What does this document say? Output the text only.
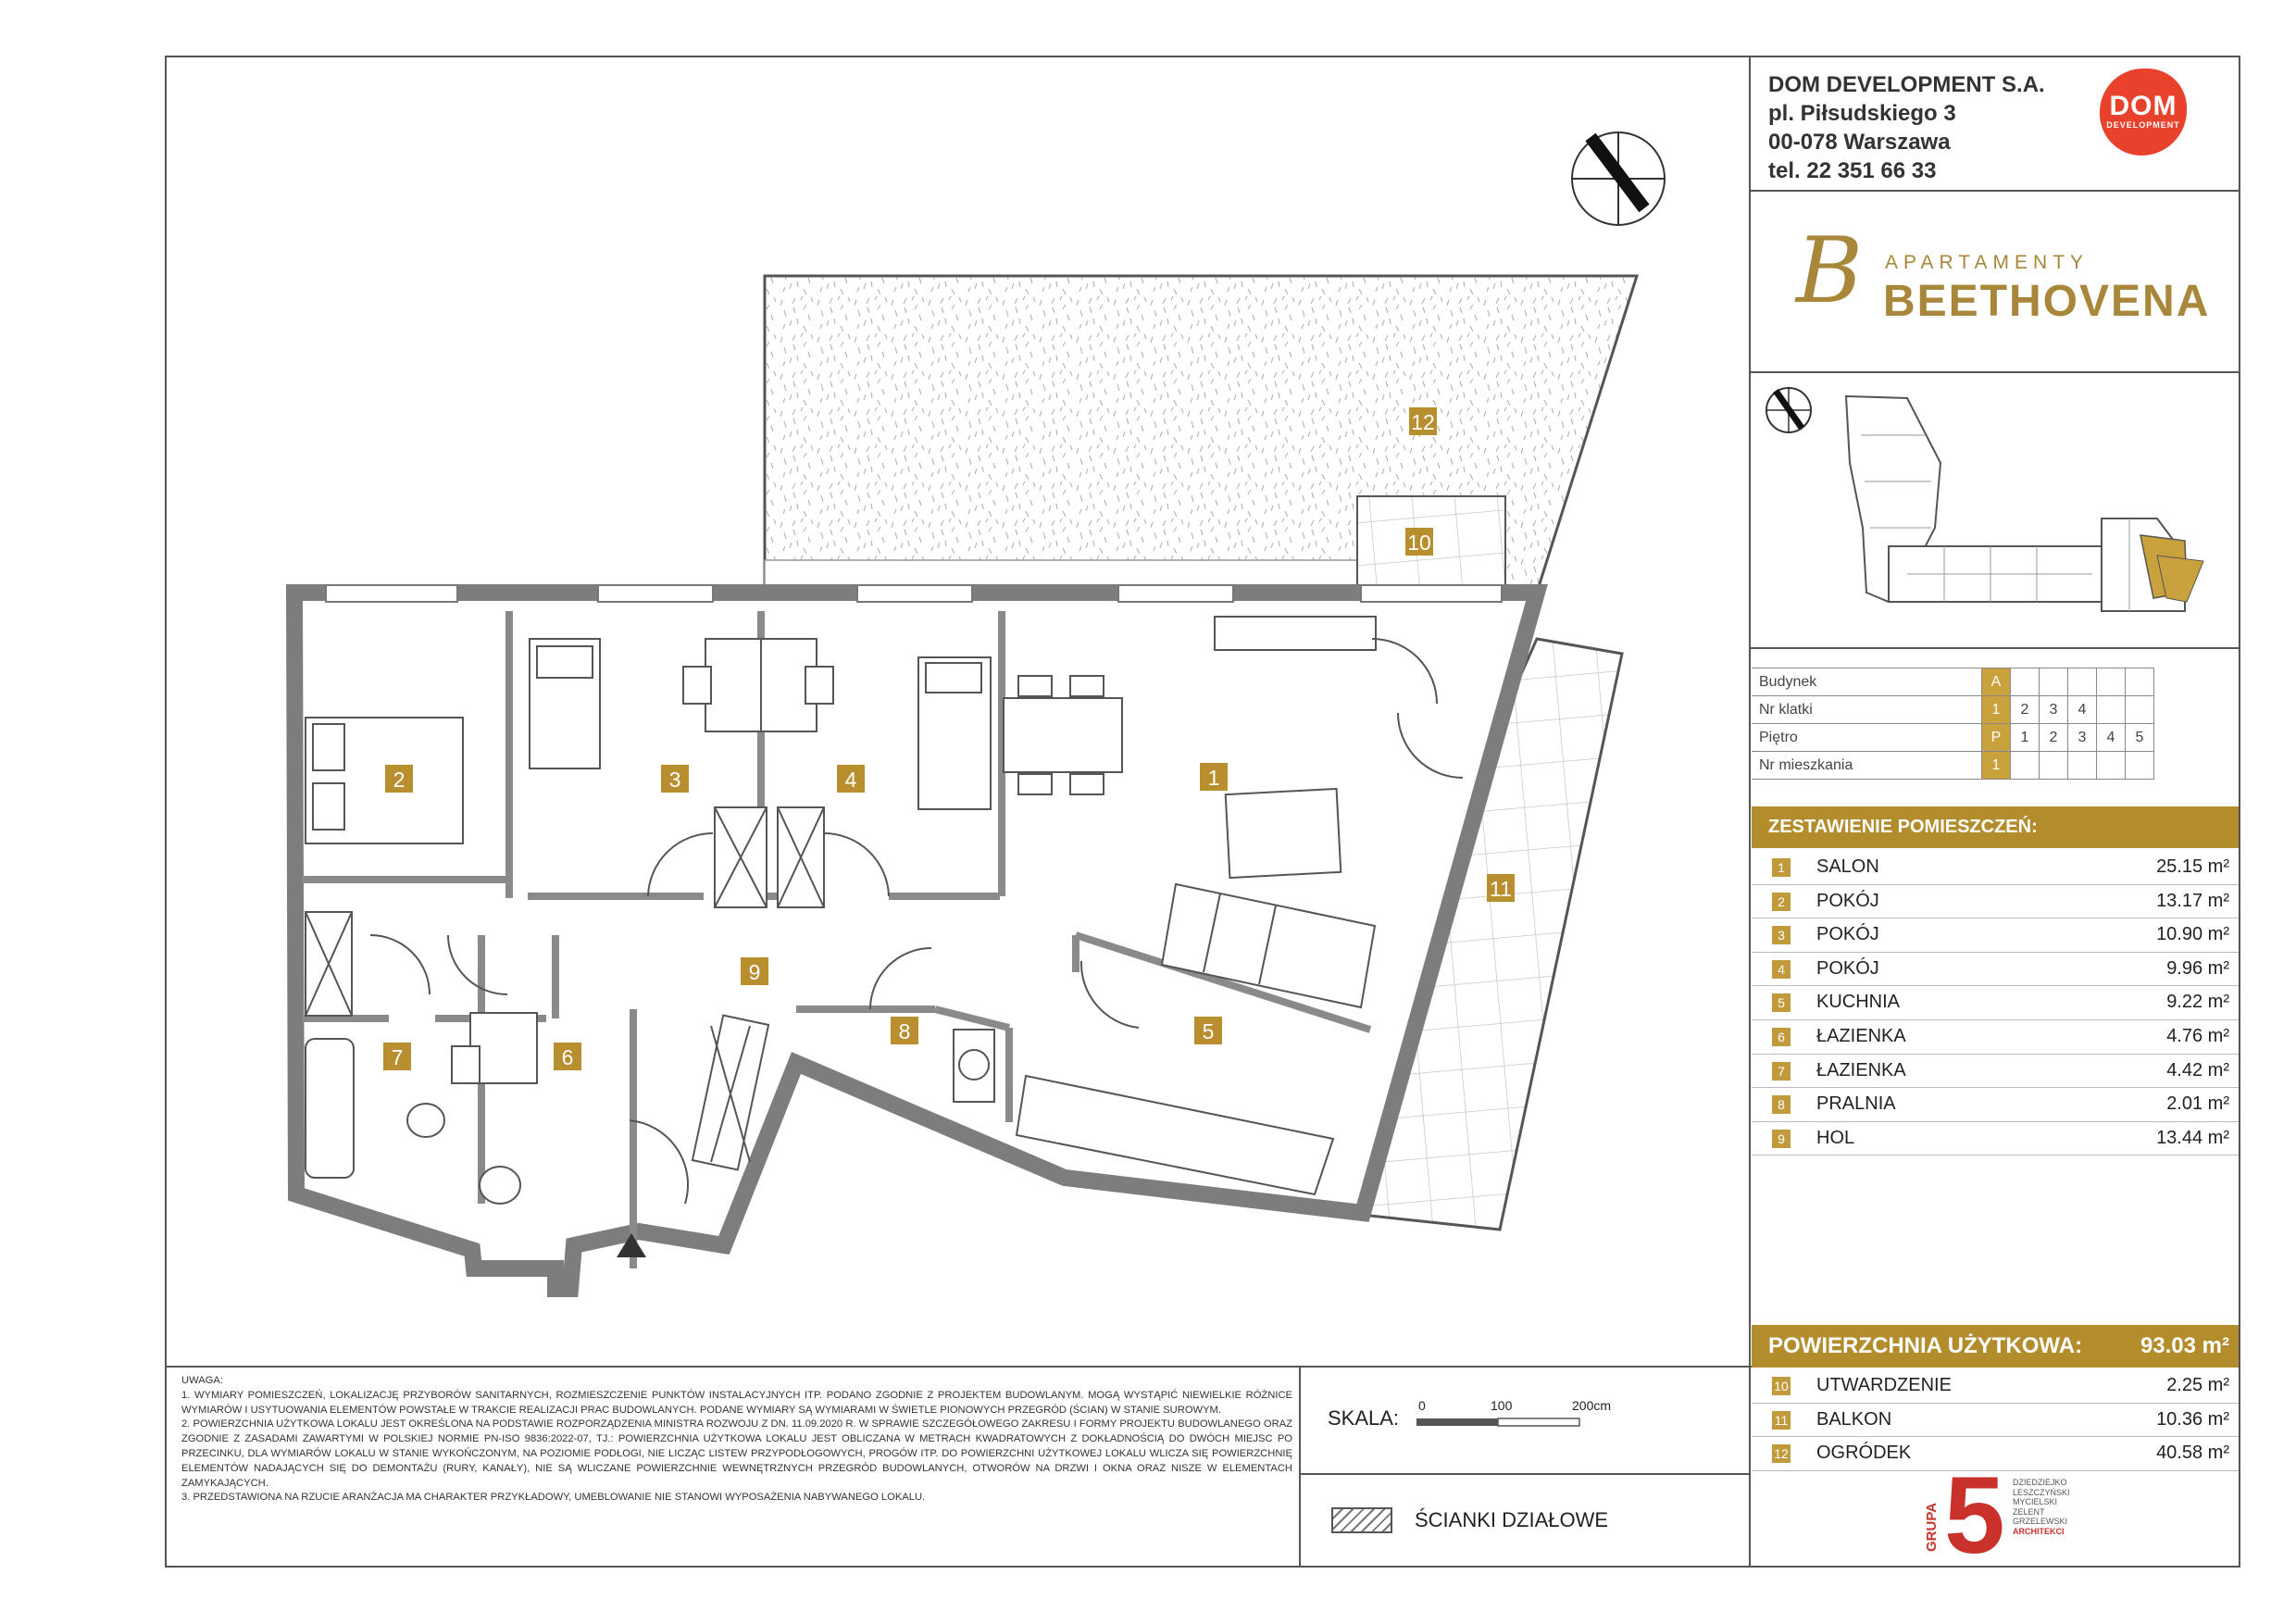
1
2	3	4
5
6
7
8
9
10
11
12
DOM DEVELOPMENT S.A.
pl. Piłsudskiego 3
00-078 Warszawa
tel. 22 351 66 33
DOM
DEVELOPMENT
B APARTAMENTY
BEETHOVENA
Budynek	A					
Nr klatki	1	2	3	4		
Piętro	P	1	2	3	4	5
Nr mieszkania	1					
ZESTAWIENIE POMIESZCZEŃ:
1	SALON	25.15 m²
2	POKÓJ	13.17 m²
3	POKÓJ	10.90 m²
4	POKÓJ	9.96 m²
5	KUCHNIA	9.22 m²
6	ŁAZIENKA	4.76 m²
7	ŁAZIENKA	4.42 m²
8	PRALNIA	2.01 m²
9	HOL	13.44 m²
POWIERZCHNIA UŻYTKOWA:	93.03 m²
10 UTWARDZENIE	2.25 m²
11 BALKON	10.36 m²
12 OGRÓDEK	40.58 m²
UWAGA:
1. WYMIARY POMIESZCZEŃ, LOKALIZACJĘ PRZYBORÓW SANITARNYCH, ROZMIESZCZENIE PUNKTÓW INSTALACYJNYCH ITP. PODANO ZGODNIE Z PROJEKTEM BUDOWLANYM. MOGĄ WYSTĄPIĆ NIEWIELKIE RÓŻNICE WYMIARÓW I USYTUOWANIA ELEMENTÓW POWSTAŁE W TRAKCIE REALIZACJI PRAC BUDOWLANYCH. PODANE WYMIARY SĄ WYMIARAMI W ŚWIETLE PIONOWYCH PRZEGRÓD (ŚCIAN) W STANIE SUROWYM.
2. POWIERZCHNIA UŻYTKOWA LOKALU JEST OKREŚLONA NA PODSTAWIE ROZPORZĄDZENIA MINISTRA ROZWOJU Z DN. 11.09.2020 R. W SPRAWIE SZCZEGÓŁOWEGO ZAKRESU I FORMY PROJEKTU BUDOWLANEGO ORAZ ZGODNIE Z ZASADAMI ZAWARTYMI W POLSKIEJ NORMIE PN-ISO 9836:2022-07, TJ.: POWIERZCHNIA UŻYTKOWA LOKALU JEST OBLICZANA W METRACH KWADRATOWYCH Z DOKŁADNOŚCIĄ DO DWÓCH MIEJSC PO PRZECINKU, DLA WYMIARÓW LOKALU W STANIE WYKOŃCZONYM, NA POZIOMIE PODŁOGI, NIE LICZĄC LISTEW PRZYPODŁOGOWYCH, PROGÓW ITP. DO POWIERZCHNI UŻYTKOWEJ LOKALU WLICZA SIĘ POWIERZCHNIĘ ELEMENTÓW NADAJĄCYCH SIĘ DO DEMONTAŻU (RURY, KANAŁY), NIE SĄ WLICZANE POWIERZCHNIE WEWNĘTRZNYCH PRZEGRÓD BUDOWLANYCH, OTWORÓW NA DRZWI I OKNA ORAZ NISZE W ELEMENTACH ZAMYKAJĄCYCH.
3. PRZEDSTAWIONA NA RZUCIE ARANŻACJA MA CHARAKTER PRZYKŁADOWY, UMEBLOWANIE NIE STANOWI WYPOSAŻENIA NABYWANEGO LOKALU.
SKALA:
0	100	200cm
ŚCIANKI DZIAŁOWE	GRUPA 5 DZIEDZIEJKO
LESZCZYŃSKI
MYCIELSKI
ZELENT
GRZELEWSKI
ARCHITEKCI
